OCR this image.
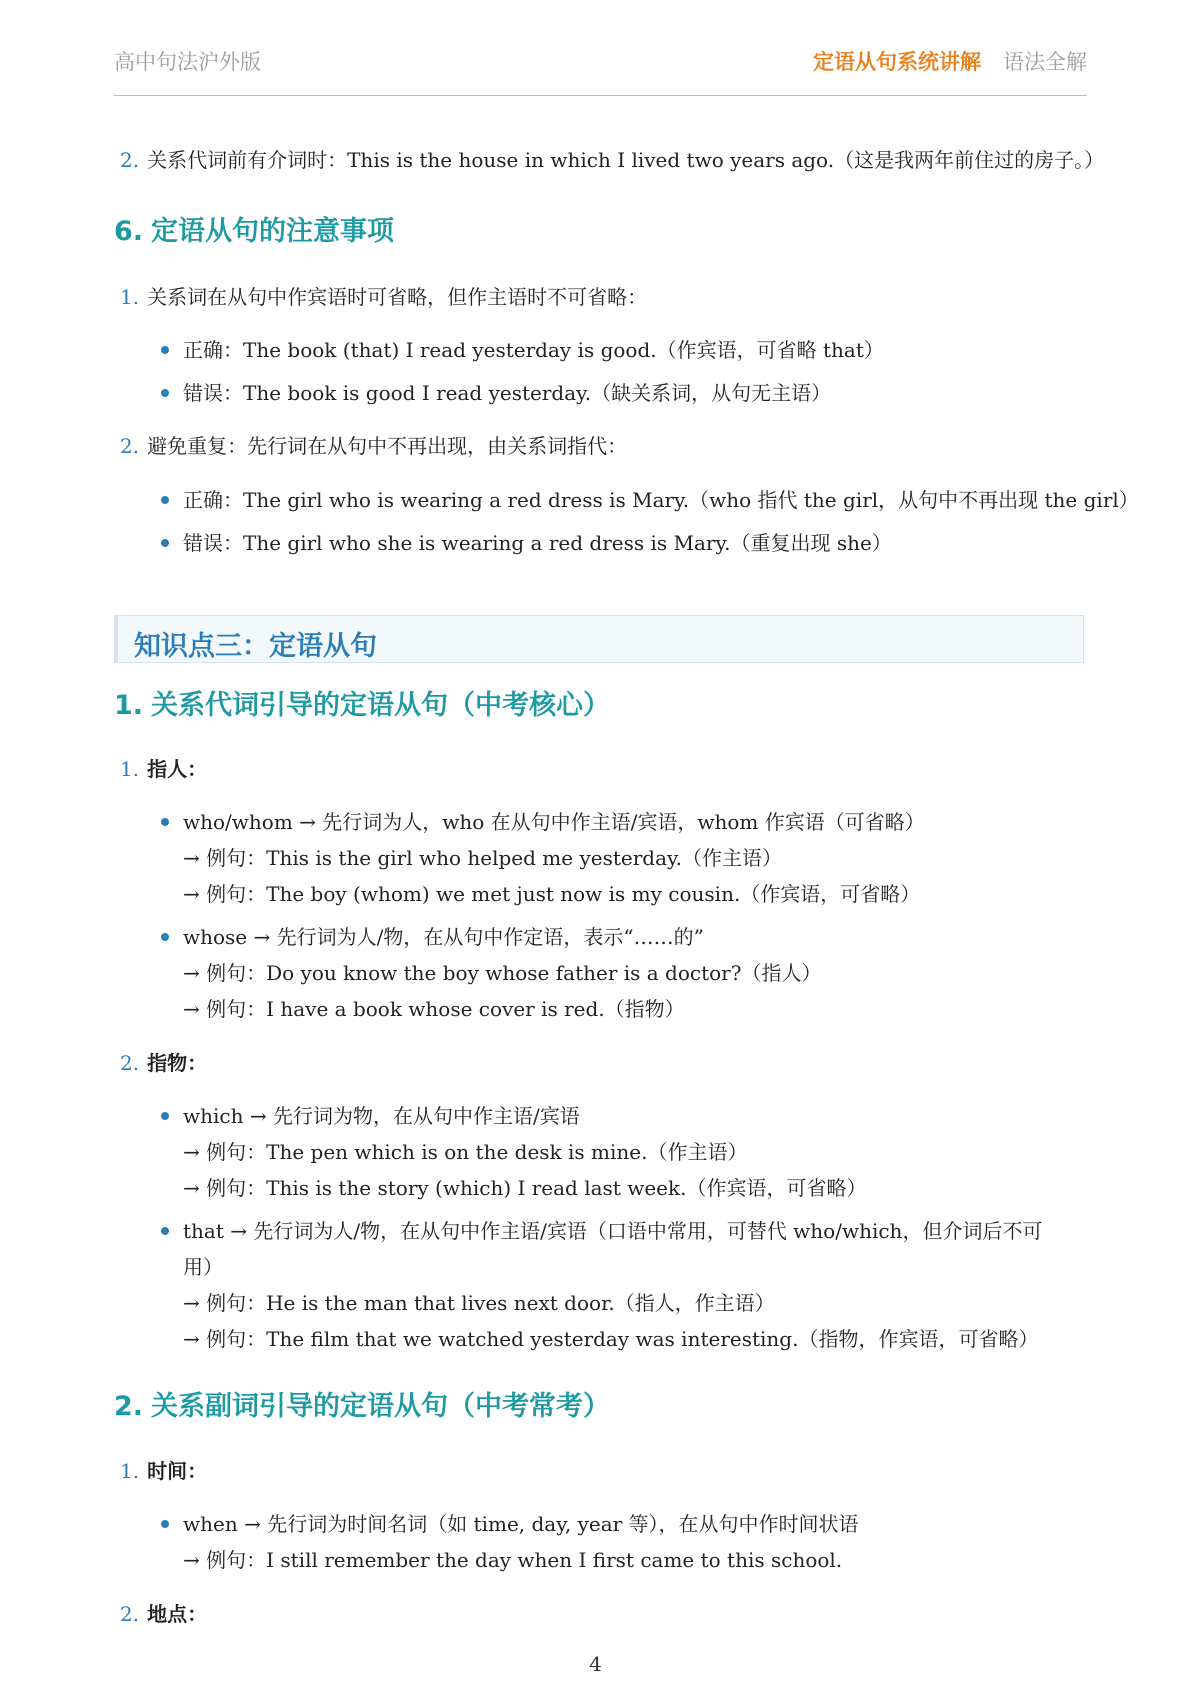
高中句法沪外版	定语从句系统讲解 语法全解
2. 关系代词前有介词时：This is the house in which I lived two years ago.（这是我两年前住过的房子。）
6. 定语从句的注意事项
1. 关系词在从句中作宾语时可省略，但作主语时不可省略：
正确：The book (that) I read yesterday is good.（作宾语，可省略 that）
错误：The book is good I read yesterday.（缺关系词，从句无主语）
2. 避免重复：先行词在从句中不再出现，由关系词指代：
正确：The girl who is wearing a red dress is Mary.（who 指代 the girl，从句中不再出现 the girl）
错误：The girl who she is wearing a red dress is Mary.（重复出现 she）
知识点三：定语从句
1. 关系代词引导的定语从句（中考核心）
1. 指人：
who/whom → 先行词为人，who 在从句中作主语/宾语，whom 作宾语（可省略）
→ 例句：This is the girl who helped me yesterday.（作主语）
→ 例句：The boy (whom) we met just now is my cousin.（作宾语，可省略）
whose → 先行词为人/物，在从句中作定语，表示“……的”
→ 例句：Do you know the boy whose father is a doctor?（指人）
→ 例句：I have a book whose cover is red.（指物）
2. 指物：
which → 先行词为物，在从句中作主语/宾语
→ 例句：The pen which is on the desk is mine.（作主语）
→ 例句：This is the story (which) I read last week.（作宾语，可省略）
that → 先行词为人/物，在从句中作主语/宾语（口语中常用，可替代 who/which，但介词后不可
用）
→ 例句：He is the man that lives next door.（指人，作主语）
→ 例句：The film that we watched yesterday was interesting.（指物，作宾语，可省略）
2. 关系副词引导的定语从句（中考常考）
1. 时间：
when → 先行词为时间名词（如 time, day, year 等），在从句中作时间状语
→ 例句：I still remember the day when I first came to this school.
2. 地点：
4
